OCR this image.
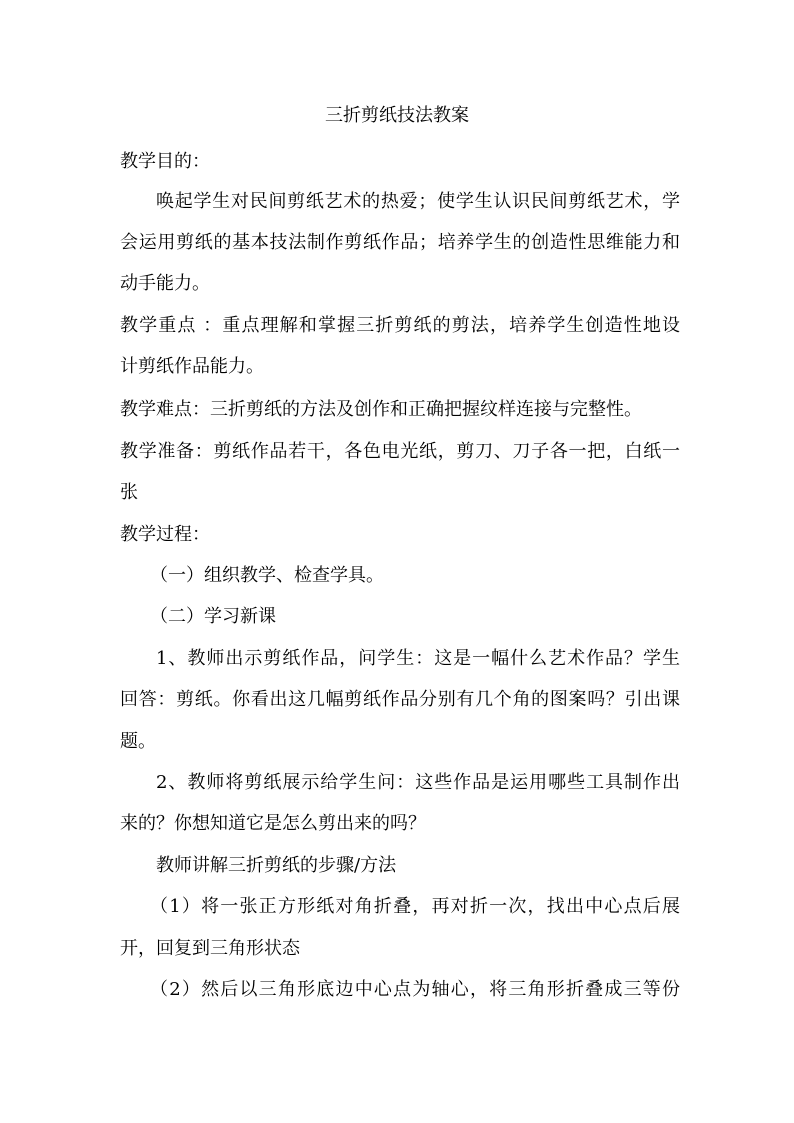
三折剪纸技法教案
教学目的：
唤起学生对民间剪纸艺术的热爱；使学生认识民间剪纸艺术，学
会运用剪纸的基本技法制作剪纸作品；培养学生的创造性思维能力和
动手能力。
教学重点 ：重点理解和掌握三折剪纸的剪法，培养学生创造性地设
计剪纸作品能力。
教学难点：三折剪纸的方法及创作和正确把握纹样连接与完整性。
教学准备：剪纸作品若干，各色电光纸，剪刀、刀子各一把，白纸一
张
教学过程：
（一）组织教学、检查学具。
（二）学习新课
1、教师出示剪纸作品，问学生：这是一幅什么艺术作品？学生
回答：剪纸。你看出这几幅剪纸作品分别有几个角的图案吗？引出课
题。
2、教师将剪纸展示给学生问：这些作品是运用哪些工具制作出
来的？你想知道它是怎么剪出来的吗？
教师讲解三折剪纸的步骤/方法
（1）将一张正方形纸对角折叠，再对折一次，找出中心点后展
开，回复到三角形状态
（2）然后以三角形底边中心点为轴心，将三角形折叠成三等份
